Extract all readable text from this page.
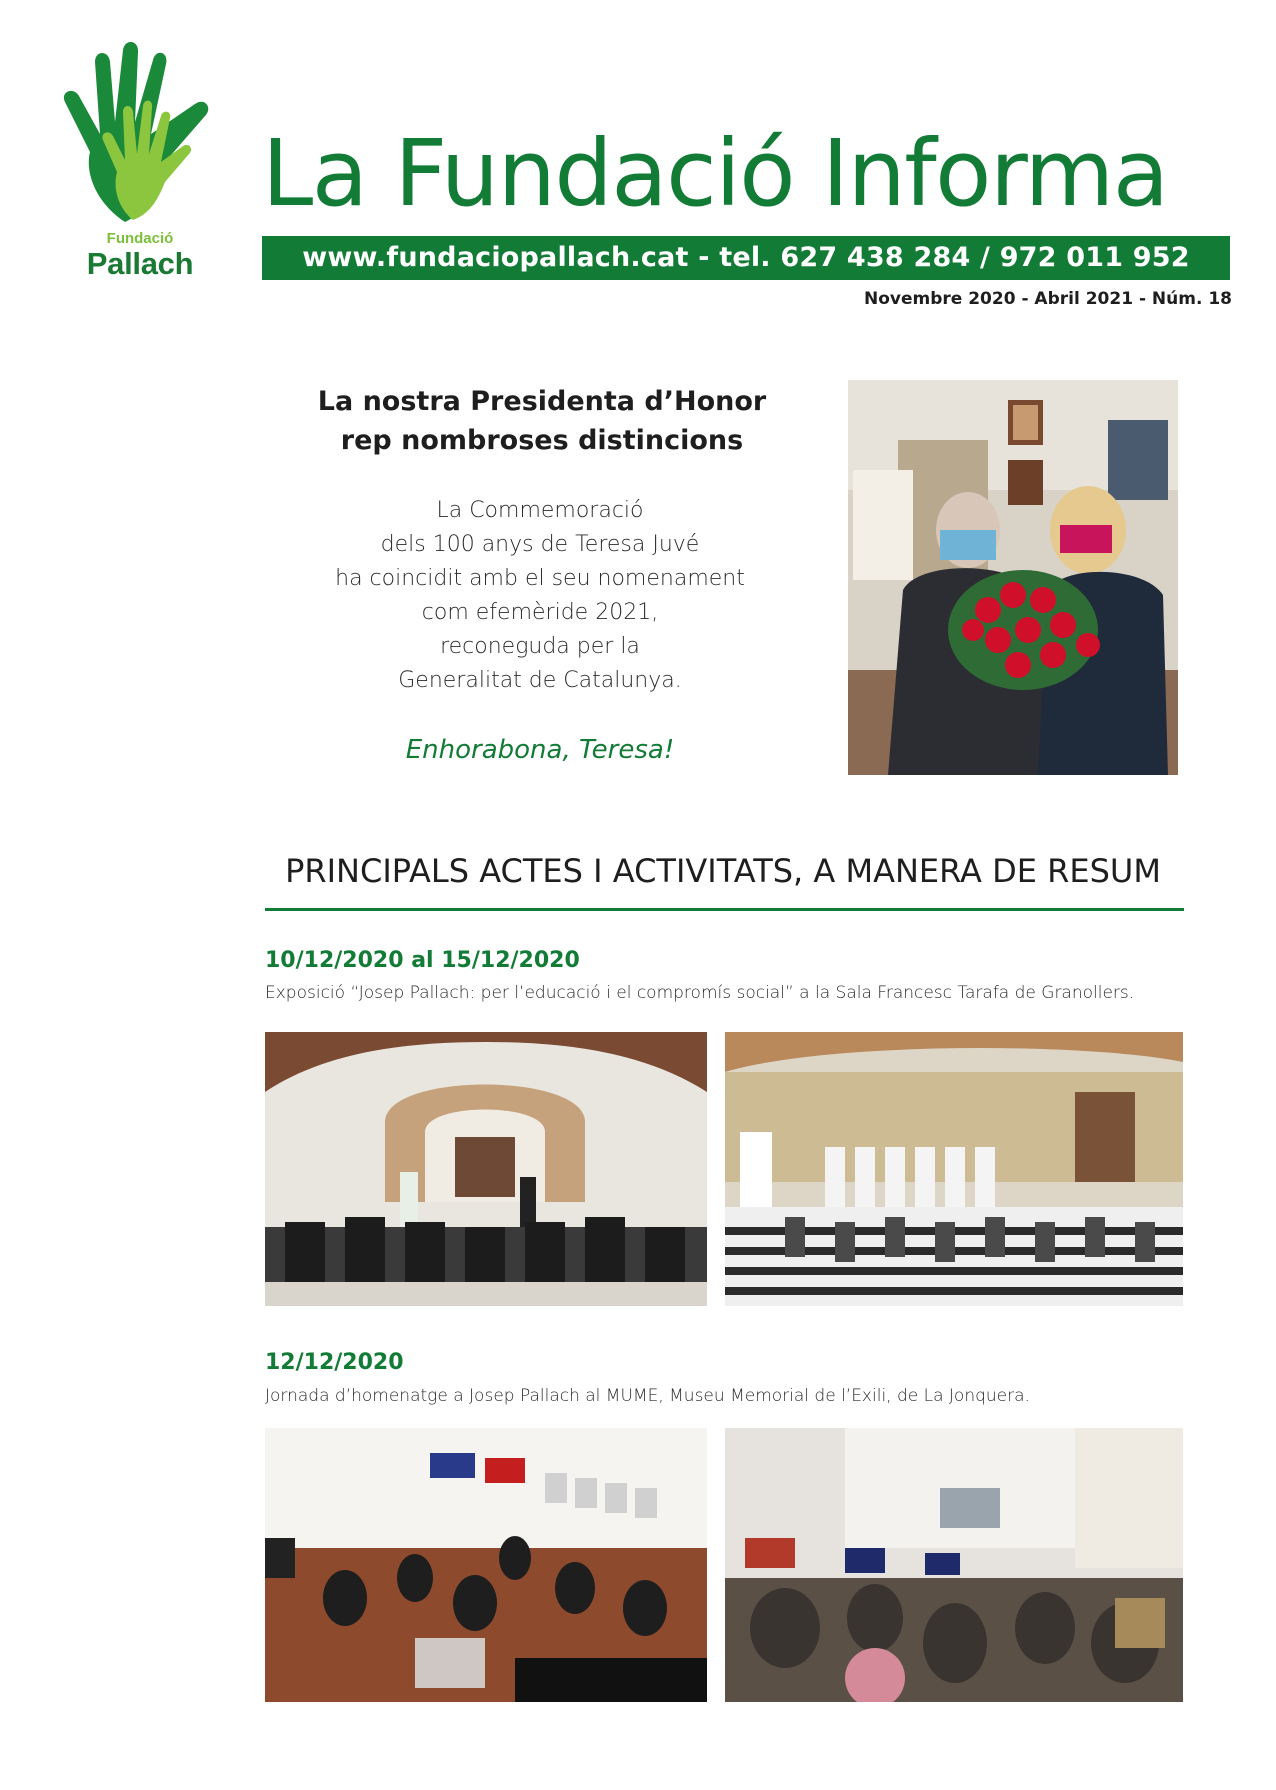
Fundació
Pallach
La Fundació Informa
www.fundaciopallach.cat - tel. 627 438 284 / 972 011 952
Novembre 2020 - Abril 2021 - Núm. 18
La nostra Presidenta d’Honor
rep nombroses distincions
La Commemoració
dels 100 anys de Teresa Juvé
ha coincidit amb el seu nomenament
com efemèride 2021,
reconeguda per la
Generalitat de Catalunya.
Enhorabona, Teresa!
PRINCIPALS ACTES I ACTIVITATS, A MANERA DE RESUM
10/12/2020 al 15/12/2020
Exposició “Josep Pallach: per l’educació i el compromís social” a la Sala Francesc Tarafa de Granollers.
12/12/2020
Jornada d’homenatge a Josep Pallach al MUME, Museu Memorial de l’Exili, de La Jonquera.
